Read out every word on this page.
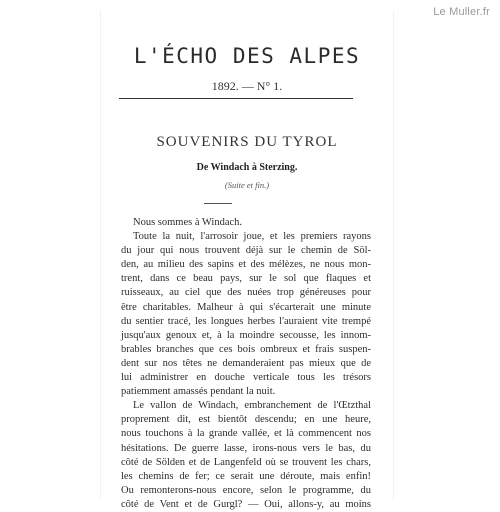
Le Muller.fr
L'ÉCHO DES ALPES
1892. — N° 1.
SOUVENIRS DU TYROL
De Windach à Sterzing.
(Suite et fin.)
Nous sommes à Windach.
Toute la nuit, l'arrosoir joue, et les premiers rayons
du jour qui nous trouvent déjà sur le chemin de Söl-
den, au milieu des sapins et des mélèzes, ne nous mon-
trent, dans ce beau pays, sur le sol que flaques et
ruisseaux, au ciel que des nuées trop généreuses pour
être charitables. Malheur à qui s'écarterait une minute
du sentier tracé, les longues herbes l'auraient vite trempé
jusqu'aux genoux et, à la moindre secousse, les innom-
brables branches que ces bois ombreux et frais suspen-
dent sur nos têtes ne demanderaient pas mieux que de
lui administrer en douche verticale tous les trésors
patiemment amassés pendant la nuit.
Le vallon de Windach, embranchement de l'Œtzthal
proprement dit, est bientôt descendu; en une heure,
nous touchons à la grande vallée, et là commencent nos
hésitations. De guerre lasse, irons-nous vers le bas, du
côté de Sölden et de Langenfeld où se trouvent les chars,
les chemins de fer; ce serait une déroute, mais enfin!
Ou remonterons-nous encore, selon le programme, du
côté de Vent et de Gurgl? — Oui, allons-y, au moins
